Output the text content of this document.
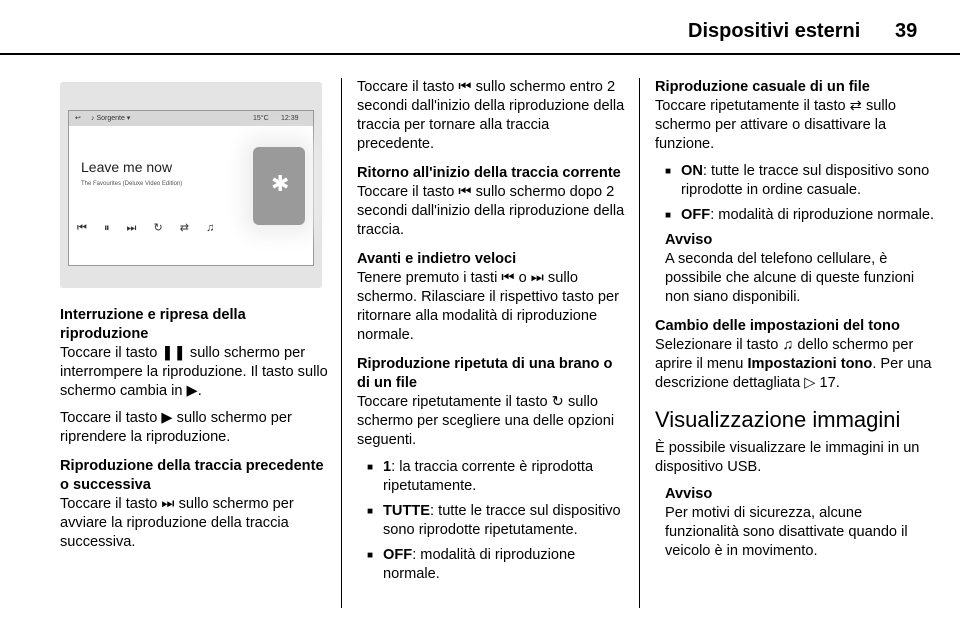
Dispositivi esterni 39
↩ ♪ Sorgente ▾	15°C 12:39
Leave me now
The Favourites (Deluxe Video Edition)	✱
⏮ ⏸ ⏭ ↻ ⇄ ♫
Interruzione e ripresa della riproduzione
Toccare il tasto ❚❚ sullo schermo per interrompere la riproduzione. Il tasto sullo schermo cambia in ▶.
Toccare il tasto ▶ sullo schermo per riprendere la riproduzione.
Riproduzione della traccia precedente o successiva
Toccare il tasto ⏭ sullo schermo per avviare la riproduzione della traccia successiva.
Toccare il tasto ⏮ sullo schermo entro 2 secondi dall'inizio della riproduzione della traccia per tornare alla traccia precedente.
Ritorno all'inizio della traccia corrente
Toccare il tasto ⏮ sullo schermo dopo 2 secondi dall'inizio della riproduzione della traccia.
Avanti e indietro veloci
Tenere premuto i tasti ⏮ o ⏭ sullo schermo. Rilasciare il rispettivo tasto per ritornare alla modalità di riproduzione normale.
Riproduzione ripetuta di una brano o di un file
Toccare ripetutamente il tasto ↻ sullo schermo per scegliere una delle opzioni seguenti.
■ 1: la traccia corrente è riprodotta ripetutamente.
■ TUTTE: tutte le tracce sul dispositivo sono riprodotte ripetutamente.
■ OFF: modalità di riproduzione normale.
Riproduzione casuale di un file
Toccare ripetutamente il tasto ⇄ sullo schermo per attivare o disattivare la funzione.
■ ON: tutte le tracce sul dispositivo sono riprodotte in ordine casuale.
■ OFF: modalità di riproduzione normale.
Avviso
A seconda del telefono cellulare, è possibile che alcune di queste funzioni non siano disponibili.
Cambio delle impostazioni del tono
Selezionare il tasto ♫ dello schermo per aprire il menu Impostazioni tono. Per una descrizione dettagliata ▷ 17.
Visualizzazione immagini
È possibile visualizzare le immagini in un dispositivo USB.
Avviso
Per motivi di sicurezza, alcune funzionalità sono disattivate quando il veicolo è in movimento.
